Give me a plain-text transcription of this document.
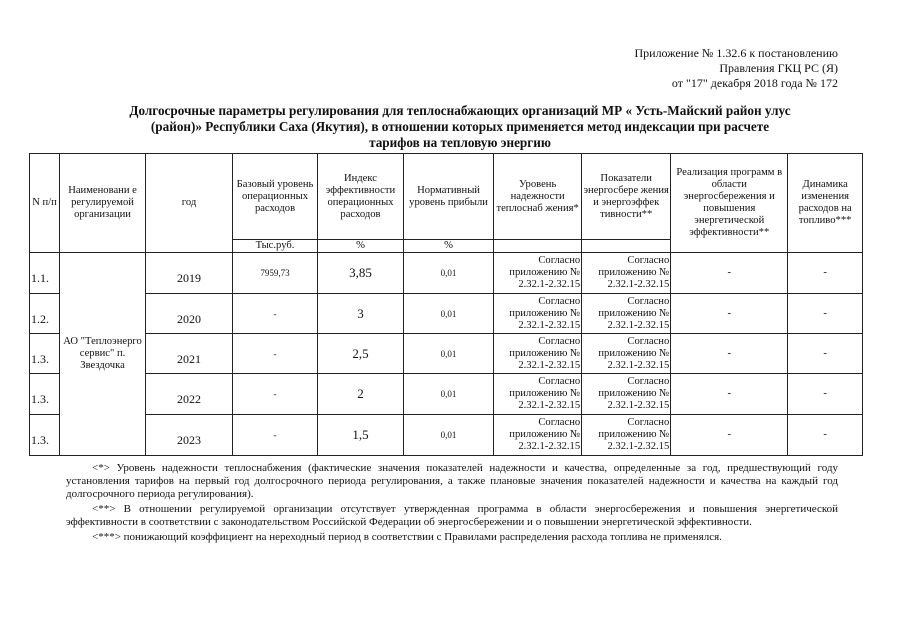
Приложение № 1.32.6 к постановлению
Правления ГКЦ РС (Я)
от "17" декабря 2018 года № 172
Долгосрочные параметры регулирования для теплоснабжающих организаций МР « Усть-Майский район улус
(район)» Республики Саха (Якутия), в отношении которых применяется метод индексации при расчете
тарифов на тепловую энергию
N п/п	Наименовани е регулируемой организации	год	Базовый уровень операционных расходов	Индекс эффективности операционных расходов	Нормативный уровень прибыли	Уровень надежности теплоснаб жения*	Показатели энергосбере жения и энергоэффек тивности**	Реализация программ в области энергосбережения и повышения энергетической эффективности**	Динамика изменения расходов на топливо***
			Тыс.руб.	%	%				
1.1.	АО "Теплоэнерго сервис" п. Звездочка	2019	7959,73	3,85	0,01	Согласно приложению № 2.32.1-2.32.15	Согласно приложению № 2.32.1-2.32.15	-	-
1.2.		2020	-	3	0,01	Согласно приложению № 2.32.1-2.32.15	Согласно приложению № 2.32.1-2.32.15	-	-
1.3.		2021	-	2,5	0,01	Согласно приложению № 2.32.1-2.32.15	Согласно приложению № 2.32.1-2.32.15	-	-
1.3.		2022	-	2	0,01	Согласно приложению № 2.32.1-2.32.15	Согласно приложению № 2.32.1-2.32.15	-	-
1.3.		2023	-	1,5	0,01	Согласно приложению № 2.32.1-2.32.15	Согласно приложению № 2.32.1-2.32.15	-	-

<*> Уровень надежности теплоснабжения (фактические значения показателей надежности и качества, определенные за год, предшествующий году установления тарифов на первый год долгосрочного периода регулирования, а также плановые значения показателей надежности и качества на каждый год долгосрочного периода регулирования).

<**> В отношении регулируемой организации отсутствует утвержденная программа в области энергосбережения и повышения энергетической эффективности в соответствии с законодательством Российской Федерации об энергосбережении и о повышении энергетической эффективности.

<***> понижающий коэффициент на нереходный период в соответствии с Правилами распределения расхода топлива не применялся.
